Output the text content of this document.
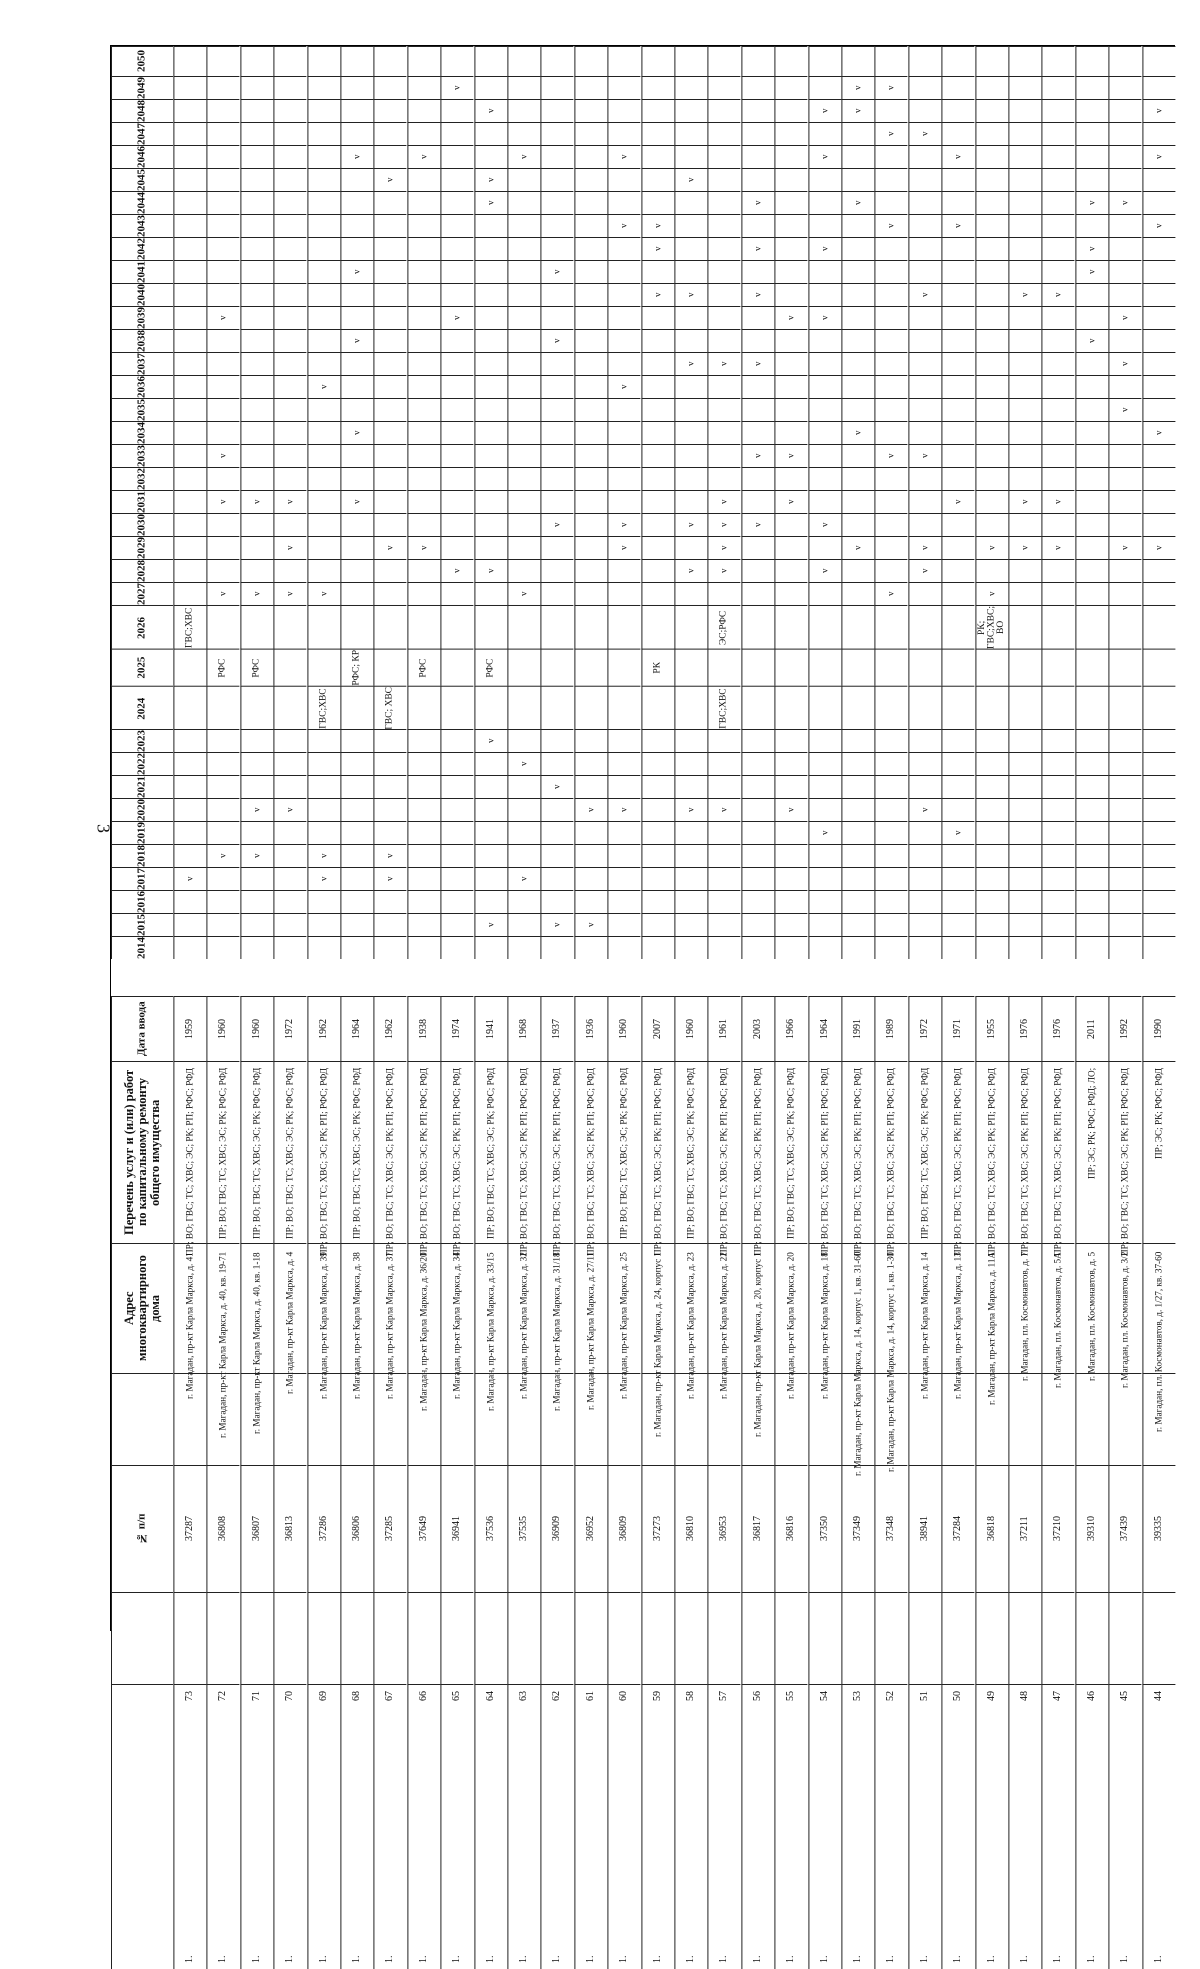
3
2050
2049
2048
2047
2046
2045
2044
2043
2042
2041
2040
2039
2038
2037
2036
2035
2034
2033
2032
2031
2030
2029
2028
2027
2026
2025
2024
2023
2022
2021
2020
2019
2018
2017
2016
2015
2014
Дата ввода
Перечень услуг и (или) работ по капитальному ремонту общего имущества
Адрес многоквартирного дома
№ п/п
ГВС;ХВС
v
1959
ПР; ВО; ГВС; ТС; ХВС; ЭС; РК; РП; РФС; РФД
г. Магадан, пр-кт Карла Маркса, д. 41
37287
1.
73
v
v
v
v
РФС
v
1960
ПР; ВО; ГВС; ТС; ХВС; ЭС; РК; РФС; РФД
г. Магадан, пр-кт Карла Маркса, д. 40, кв. 19-71
36808
1.
72
v
v
РФС
v
v
1960
ПР; ВО; ГВС; ТС; ХВС; ЭС; РК; РФС; РФД
г. Магадан, пр-кт Карла Маркса, д. 40, кв. 1-18
36807
1.
71
v
v
v
v
1972
ПР; ВО; ГВС; ТС; ХВС; ЭС; РК; РФС; РФД
г. Магадан, пр-кт Карла Маркса, д. 4
36813
1.
70
v
v
ГВС;ХВС
v
v
1962
ПР; ВО; ГВС; ТС; ХВС; ЭС; РК; РП; РФС; РФД
г. Магадан, пр-кт Карла Маркса, д. 39
37286
1.
69
v
v
v
v
v
РФС; КР
1964
ПР; ВО; ГВС; ТС; ХВС; ЭС; РК; РФС; РФД
г. Магадан, пр-кт Карла Маркса, д. 38
36806
1.
68
v
v
ГВС; ХВС
v
v
1962
ПР; ВО; ГВС; ТС; ХВС; ЭС; РК; РП; РФС; РФД
г. Магадан, пр-кт Карла Маркса, д. 37
37285
1.
67
v
v
РФС
1938
ПР; ВО; ГВС; ТС; ХВС; ЭС; РК; РП; РФС; РФД
г. Магадан, пр-кт Карла Маркса, д. 36/20
37649
1.
66
v
v
v
1974
ПР; ВО; ГВС; ТС; ХВС; ЭС; РК; РП; РФС; РФД
г. Магадан, пр-кт Карла Маркса, д. 34
36941
1.
65
v
v
v
v
РФС
v
v
1941
ПР; ВО; ГВС; ТС; ХВС; ЭС; РК; РФС; РФД
г. Магадан, пр-кт Карла Маркса, д. 33/15
37536
1.
64
v
v
v
v
1968
ПР; ВО; ГВС; ТС; ХВС; ЭС; РК; РП; РФС; РФД
г. Магадан, пр-кт Карла Маркса, д. 32
37535
1.
63
v
v
v
v
v
1937
ПР; ВО; ГВС; ТС; ХВС; ЭС; РК; РП; РФС; РФД
г. Магадан, пр-кт Карла Маркса, д. 31/18
36909
1.
62
v
v
1936
ПР; ВО; ГВС; ТС; ХВС; ЭС; РК; РП; РФС; РФД
г. Магадан, пр-кт Карла Маркса, д. 27/11
36952
1.
61
v
v
v
v
v
v
1960
ПР; ВО; ГВС; ТС; ХВС; ЭС; РК; РФС; РФД
г. Магадан, пр-кт Карла Маркса, д. 25
36809
1.
60
v
v
v
РК
2007
ПР; ВО; ГВС; ТС; ХВС; ЭС; РК; РП; РФС; РФД
г. Магадан, пр-кт Карла Маркса, д. 24, корпус 1
37273
1.
59
v
v
v
v
v
v
1960
ПР; ВО; ГВС; ТС; ХВС; ЭС; РК; РФС; РФД
г. Магадан, пр-кт Карла Маркса, д. 23
36810
1.
58
v
v
v
v
v
ЭС;РФС
ГВС;ХВС
v
1961
ПР; ВО; ГВС; ТС; ХВС; ЭС; РК; РП; РФС; РФД
г. Магадан, пр-кт Карла Маркса, д. 22
36953
1.
57
v
v
v
v
v
v
2003
ПР; ВО; ГВС; ТС; ХВС; ЭС; РК; РП; РФС; РФД
г. Магадан, пр-кт Карла Маркса, д. 20, корпус 1
36817
1.
56
v
v
v
v
1966
ПР; ВО; ГВС; ТС; ХВС; ЭС; РК; РФС; РФД
г. Магадан, пр-кт Карла Маркса, д. 20
36816
1.
55
v
v
v
v
v
v
v
1964
ПР; ВО; ГВС; ТС; ХВС; ЭС; РК; РП; РФС; РФД
г. Магадан, пр-кт Карла Маркса, д. 18
37350
1.
54
v
v
v
v
v
1991
ПР; ВО; ГВС; ТС; ХВС; ЭС; РК; РП; РФС; РФД
г. Магадан, пр-кт Карла Маркса, д. 14, корпус 1, кв. 31-60
37349
1.
53
v
v
v
v
v
1989
ПР; ВО; ГВС; ТС; ХВС; ЭС; РК; РП; РФС; РФД
г. Магадан, пр-кт Карла Маркса, д. 14, корпус 1, кв. 1-30
37348
1.
52
v
v
v
v
v
v
1972
ПР; ВО; ГВС; ТС; ХВС; ЭС; РК; РФС; РФД
г. Магадан, пр-кт Карла Маркса, д. 14
38941
1.
51
v
v
v
v
1971
ПР; ВО; ГВС; ТС; ХВС; ЭС; РК; РП; РФС; РФД
г. Магадан, пр-кт Карла Маркса, д. 13
37284
1.
50
v
v
РК;
ГВС;ХВС;
ВО
1955
ПР; ВО; ГВС; ТС; ХВС; ЭС; РК; РП; РФС; РФД
г. Магадан, пр-кт Карла Маркса, д. 11А
36818
1.
49
v
v
v
1976
ПР; ВО; ГВС; ТС; ХВС; ЭС; РК; РП; РФС; РФД
г. Магадан, пл. Космонавтов, д. 7
37211
1.
48
v
v
v
1976
ПР; ВО; ГВС; ТС; ХВС; ЭС; РК; РП; РФС; РФД
г. Магадан, пл. Космонавтов, д. 5А
37210
1.
47
v
v
v
v
2011
ПР; ЭС; РК; РФС; РФД; ЛО;
г. Магадан, пл. Космонавтов, д. 5
39310
1.
46
v
v
v
v
v
1992
ПР; ВО; ГВС; ТС; ХВС; ЭС; РК; РП; РФС; РФД
г. Магадан, пл. Космонавтов, д. 3/2
37439
1.
45
v
v
v
v
v
1990
ПР; ЭС; РК; РФС; РФД
г. Магадан, пл. Космонавтов, д. 1/27, кв. 37-60
39335
1.
44
